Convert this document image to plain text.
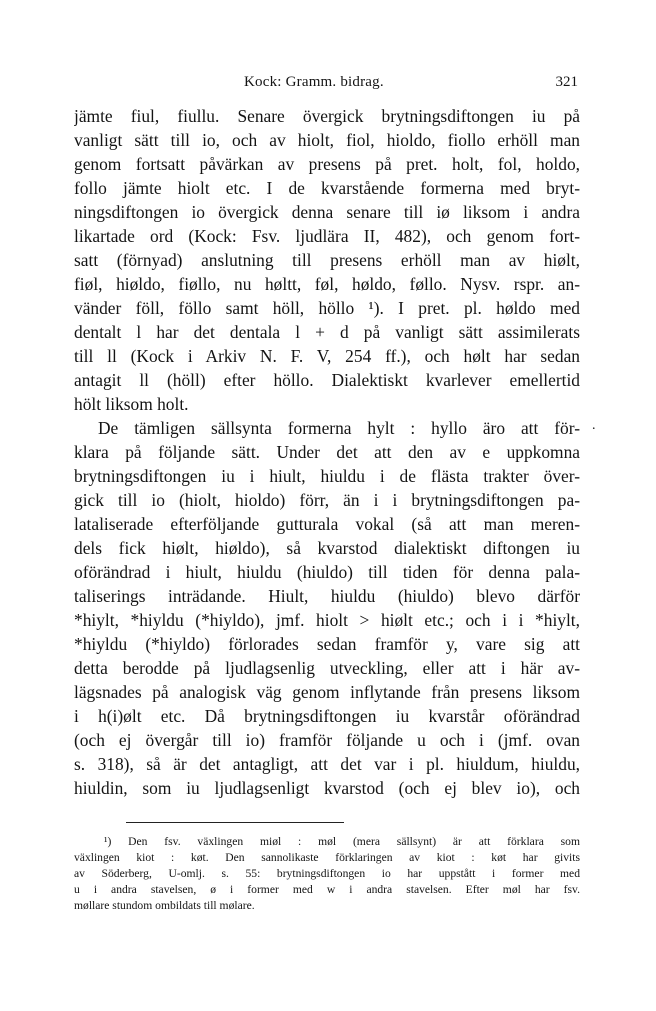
Kock: Gramm. bidrag.	321
jämte fiul, fiullu. Senare övergick brytningsdiftongen iu på
vanligt sätt till io, och av hiolt, fiol, hioldo, fiollo erhöll man
genom fortsatt påvärkan av presens på pret. holt, fol, holdo,
follo jämte hiolt etc. I de kvarstående formerna med bryt-
ningsdiftongen io övergick denna senare till iø liksom i andra
likartade ord (Kock: Fsv. ljudlära II, 482), och genom fort-
satt (förnyad) anslutning till presens erhöll man av hiølt,
fiøl, hiøldo, fiøllo, nu høltt, føl, høldo, føllo. Nysv. rspr. an-
vänder föll, föllo samt höll, höllo ¹). I pret. pl. høldo med
dentalt l har det dentala l + d på vanligt sätt assimilerats
till ll (Kock i Arkiv N. F. V, 254 ff.), och hølt har sedan
antagit ll (höll) efter höllo. Dialektiskt kvarlever emellertid
hölt liksom holt.
De tämligen sällsynta formerna hylt : hyllo äro att för-
klara på följande sätt. Under det att den av e uppkomna
brytningsdiftongen iu i hiult, hiuldu i de flästa trakter över-
gick till io (hiolt, hioldo) förr, än i i brytningsdiftongen pa-
lataliserade efterföljande gutturala vokal (så att man meren-
dels fick hiølt, hiøldo), så kvarstod dialektiskt diftongen iu
oförändrad i hiult, hiuldu (hiuldo) till tiden för denna pala-
taliserings inträdande. Hiult, hiuldu (hiuldo) blevo därför
*hiylt, *hiyldu (*hiyldo), jmf. hiolt > hiølt etc.; och i i *hiylt,
*hiyldu (*hiyldo) förlorades sedan framför y, vare sig att
detta berodde på ljudlagsenlig utveckling, eller att i här av-
lägsnades på analogisk väg genom inflytande från presens liksom
i h(i)ølt etc. Då brytningsdiftongen iu kvarstår oförändrad
(och ej övergår till io) framför följande u och i (jmf. ovan
s. 318), så är det antagligt, att det var i pl. hiuldum, hiuldu,
hiuldin, som iu ljudlagsenligt kvarstod (och ej blev io), och
.
¹) Den fsv. växlingen miøl : møl (mera sällsynt) är att förklara som
växlingen kiot : køt. Den sannolikaste förklaringen av kiot : køt har givits
av Söderberg, U-omlj. s. 55: brytningsdiftongen io har uppstått i former med
u i andra stavelsen, ø i former med w i andra stavelsen. Efter møl har fsv.
møllare stundom ombildats till mølare.
